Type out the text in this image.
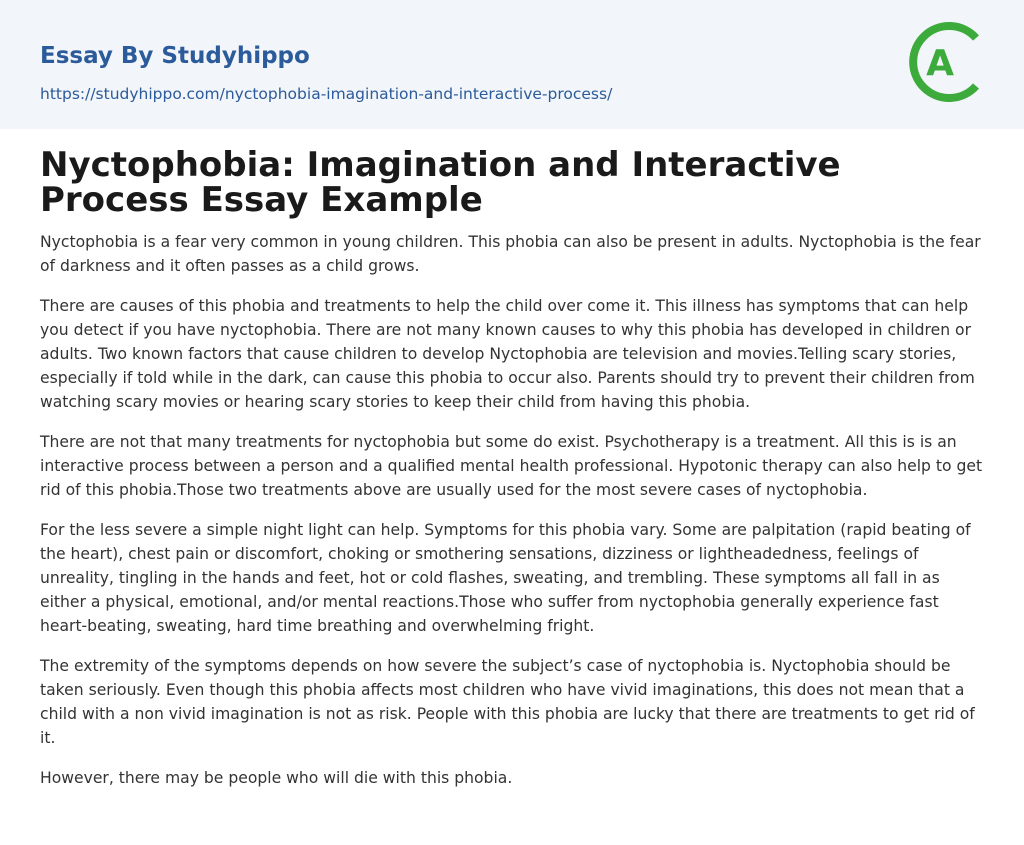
Essay By Studyhippo

https://studyhippo.com/nyctophobia-imagination-and-interactive-process/
A
Nyctophobia: Imagination and Interactive Process Essay Example

Nyctophobia is a fear very common in young children. This phobia can also be present in adults. Nyctophobia is the fear of darkness and it often passes as a child grows.

There are causes of this phobia and treatments to help the child over come it. This illness has symptoms that can help you detect if you have nyctophobia. There are not many known causes to why this phobia has developed in children or adults. Two known factors that cause children to develop Nyctophobia are television and movies.Telling scary stories, especially if told while in the dark, can cause this phobia to occur also. Parents should try to prevent their children from watching scary movies or hearing scary stories to keep their child from having this phobia.

There are not that many treatments for nyctophobia but some do exist. Psychotherapy is a treatment. All this is is an interactive process between a person and a qualified mental health professional. Hypotonic therapy can also help to get rid of this phobia.Those two treatments above are usually used for the most severe cases of nyctophobia.

For the less severe a simple night light can help. Symptoms for this phobia vary. Some are palpitation (rapid beating of the heart), chest pain or discomfort, choking or smothering sensations, dizziness or lightheadedness, feelings of unreality, tingling in the hands and feet, hot or cold flashes, sweating, and trembling. These symptoms all fall in as either a physical, emotional, and/or mental reactions.Those who suffer from nyctophobia generally experience fast heart-beating, sweating, hard time breathing and overwhelming fright.

The extremity of the symptoms depends on how severe the subject’s case of nyctophobia is. Nyctophobia should be taken seriously. Even though this phobia affects most children who have vivid imaginations, this does not mean that a child with a non vivid imagination is not as risk. People with this phobia are lucky that there are treatments to get rid of it.

However, there may be people who will die with this phobia.
